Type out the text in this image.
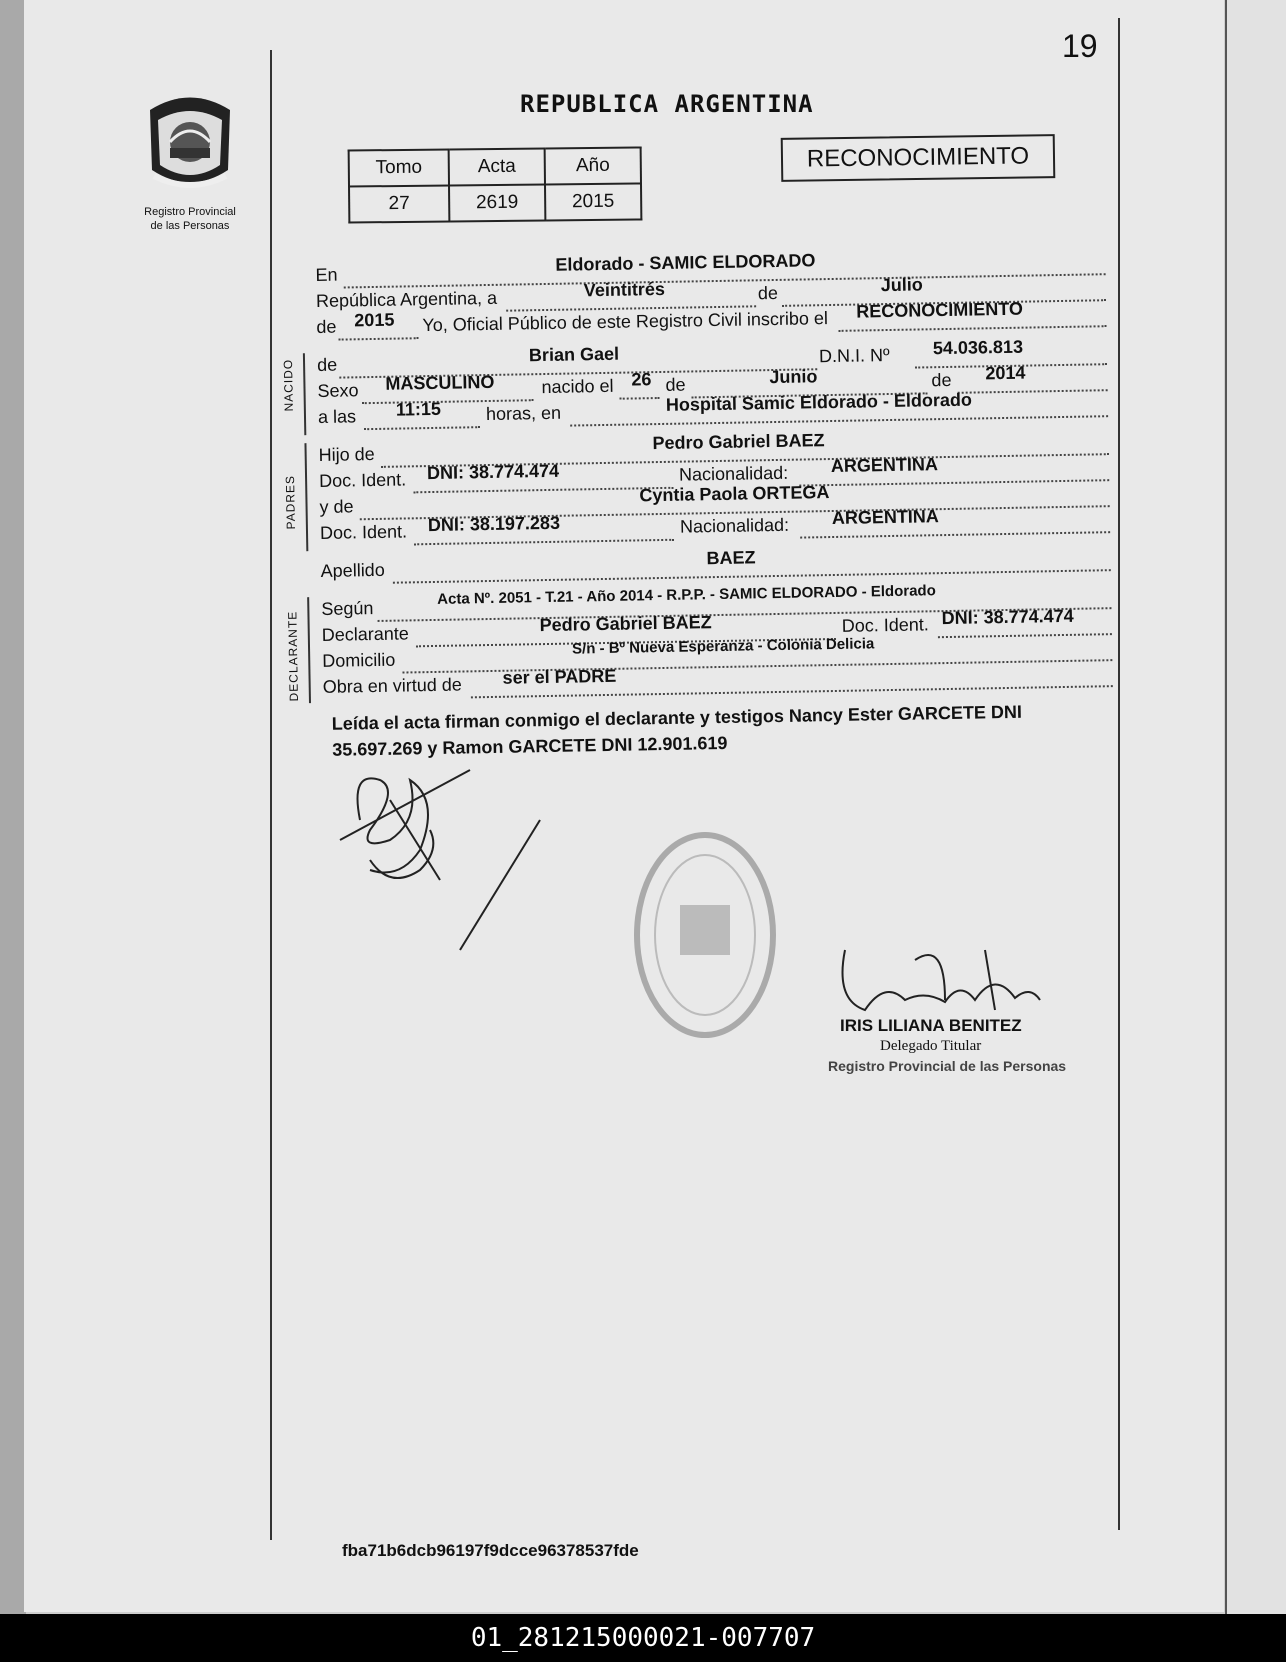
19
REPUBLICA ARGENTINA
Registro Provincial
de las Personas
Tomo	Acta	Año
27	2619	2015
RECONOCIMIENTO
En	Eldorado - SAMIC ELDORADO
República Argentina, a	Veintitrés	de	Julio
de 2015 Yo, Oficial Público de este Registro Civil inscribo el RECONOCIMIENTO
NACIDO de	Brian Gael	D.N.I. Nº 54.036.813
Sexo MASCULINO	nacido el 26 de	Junio	de 2014
a las 11:15 horas, en	Hospital Samic Eldorado - Eldorado
PADRES
Hijo de
Pedro Gabriel BAEZ
Doc. Ident. DNI: 38.774.474	Nacionalidad: ARGENTINA
y de
Cyntia Paola ORTEGA
Doc. Ident. DNI: 38.197.283	Nacionalidad: ARGENTINA
Apellido
BAEZ
DECLARANTE
Según
Acta Nº. 2051 - T.21 - Año 2014 - R.P.P. - SAMIC ELDORADO - Eldorado
Declarante	Pedro Gabriel BAEZ	Doc. Ident. DNI: 38.774.474
Domicilio
S/n - Bº Nueva Esperanza - Colonia Delicia
Obra en virtud de ser el PADRE
Leída el acta firman conmigo el declarante y testigos Nancy Ester GARCETE DNI
35.697.269 y Ramon GARCETE DNI 12.901.619
IRIS LILIANA BENITEZ
Delegado Titular
Registro Provincial de las Personas
fba71b6dcb96197f9dcce96378537fde
01_281215000021-007707
